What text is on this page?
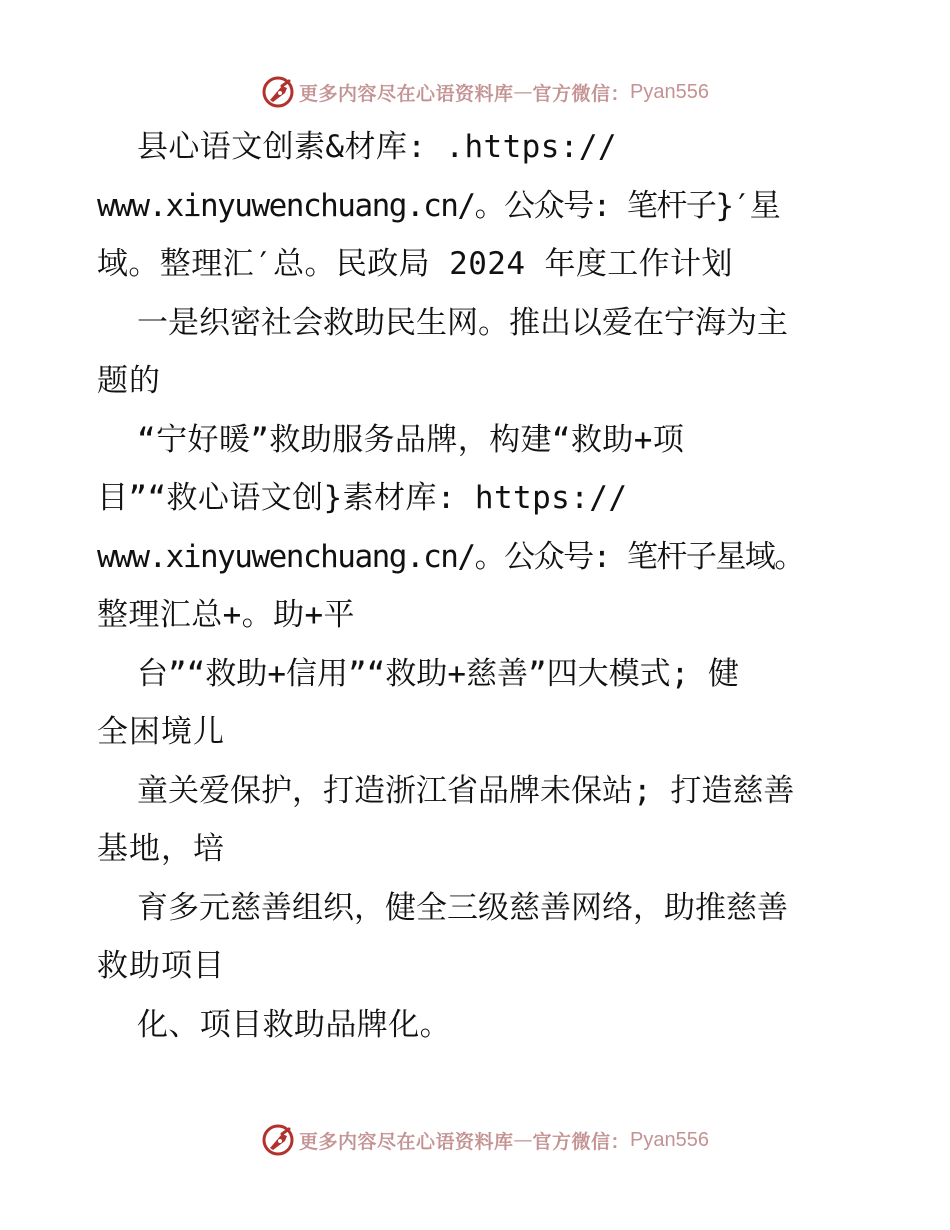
更多内容尽在心语资料库 — 官方微信： Pyan556
县心语文创素&材库: .https://
www.xinyuwenchuang.cn/。公众号: 笔杆子}′星
域。整理汇′总。民政局 2024 年度工作计划
一是织密社会救助民生网。推出以爱在宁海为主
题的
“宁好暖”救助服务品牌，构建“救助+项
目”“救心语文创}素材库: https://
www.xinyuwenchuang.cn/。公众号: 笔杆子星域。
整理汇总+。助+平
台”“救助+信用”“救助+慈善”四大模式; 健
全困境儿
童关爱保护，打造浙江省品牌未保站; 打造慈善
基地，培
育多元慈善组织，健全三级慈善网络，助推慈善
救助项目
化、项目救助品牌化。
更多内容尽在心语资料库 — 官方微信： Pyan556
